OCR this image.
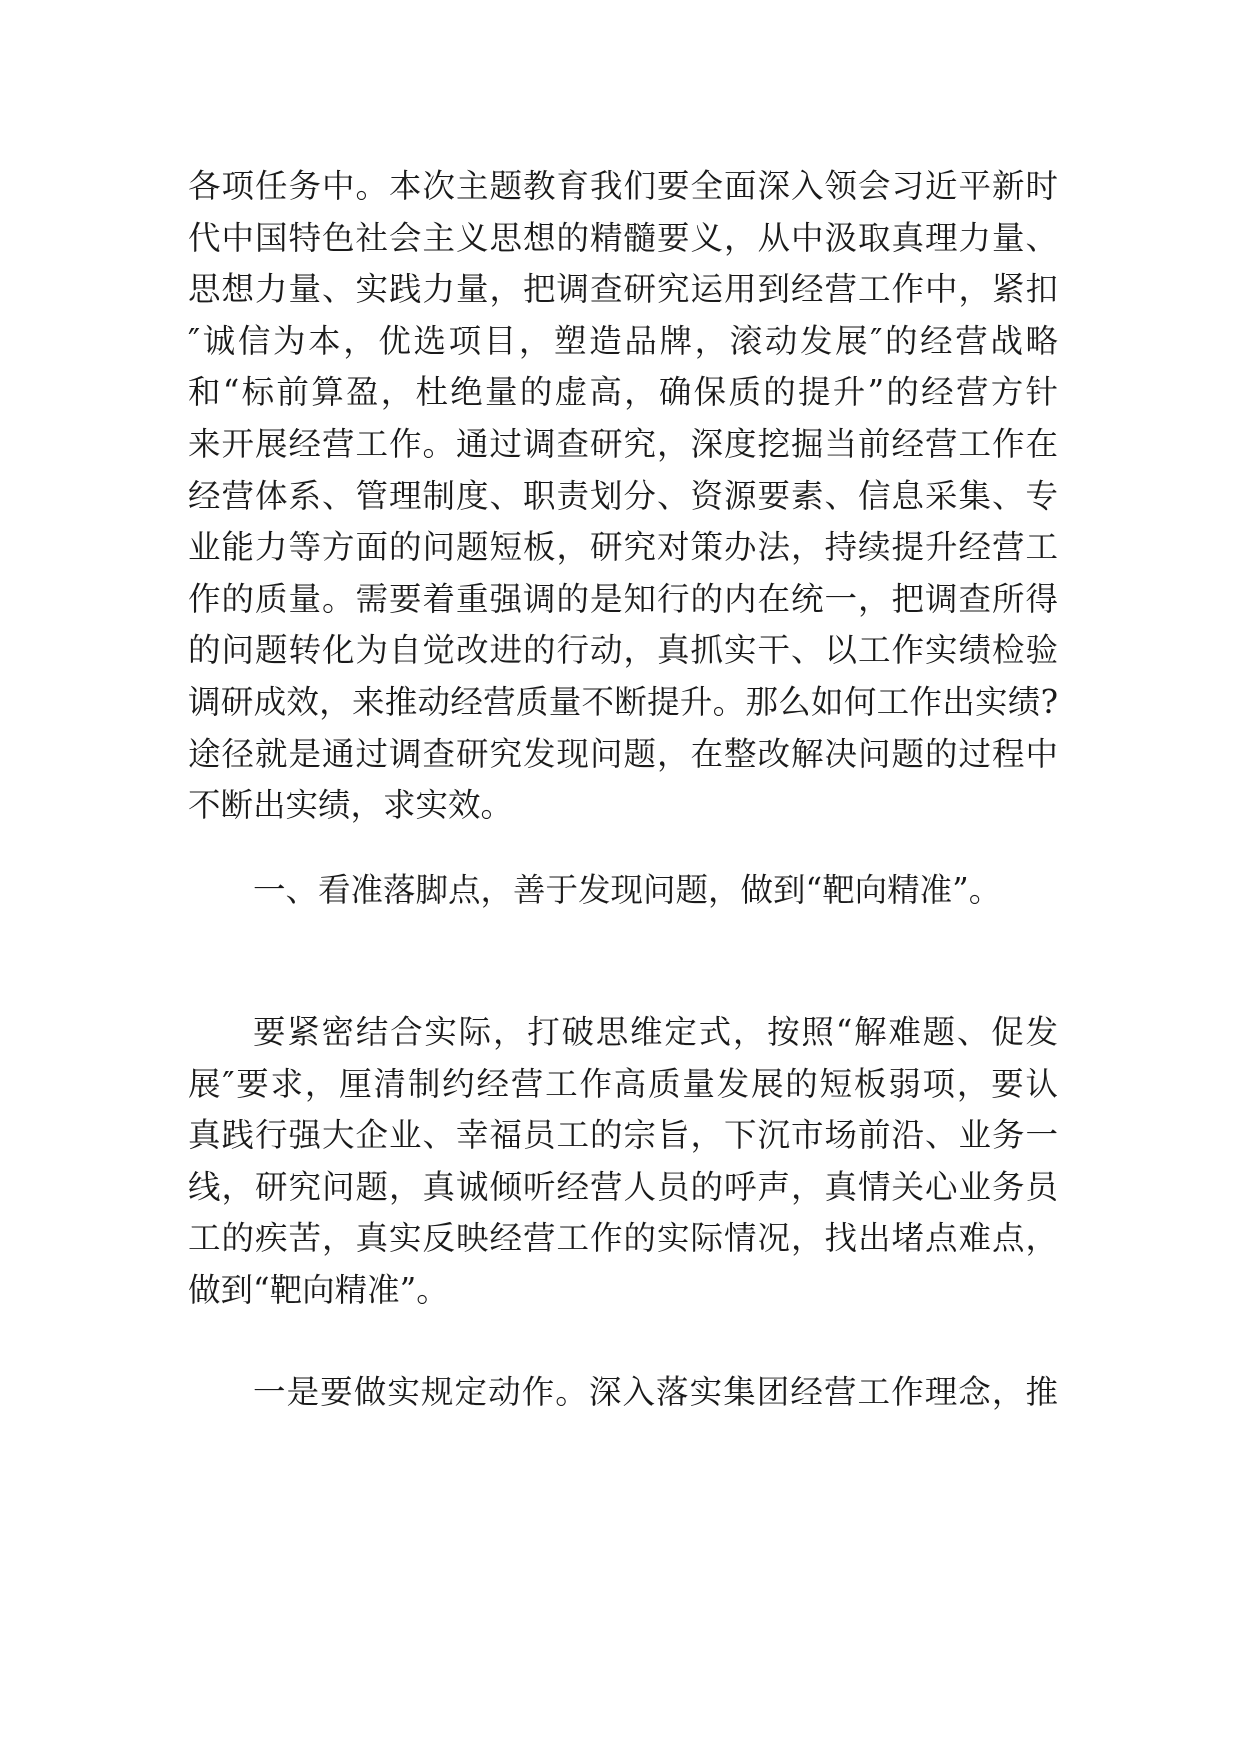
各项任务中。本次主题教育我们要全面深入领会习近平新时
代中国特色社会主义思想的精髓要义，从中汲取真理力量、
思想力量、实践力量，把调查研究运用到经营工作中，紧扣
″诚信为本，优选项目，塑造品牌，滚动发展″的经营战略
和“标前算盈，杜绝量的虚高，确保质的提升”的经营方针
来开展经营工作。通过调查研究，深度挖掘当前经营工作在
经营体系、管理制度、职责划分、资源要素、信息采集、专
业能力等方面的问题短板，研究对策办法，持续提升经营工
作的质量。需要着重强调的是知行的内在统一，把调查所得
的问题转化为自觉改进的行动，真抓实干、以工作实绩检验
调研成效，来推动经营质量不断提升。那么如何工作出实绩?
途径就是通过调查研究发现问题，在整改解决问题的过程中
不断出实绩，求实效。
一、看准落脚点，善于发现问题，做到“靶向精准”。
要紧密结合实际，打破思维定式，按照“解难题、促发
展″要求，厘清制约经营工作高质量发展的短板弱项，要认
真践行强大企业、幸福员工的宗旨，下沉市场前沿、业务一
线，研究问题，真诚倾听经营人员的呼声，真情关心业务员
工的疾苦，真实反映经营工作的实际情况，找出堵点难点，
做到“靶向精准”。
一是要做实规定动作。深入落实集团经营工作理念，推
